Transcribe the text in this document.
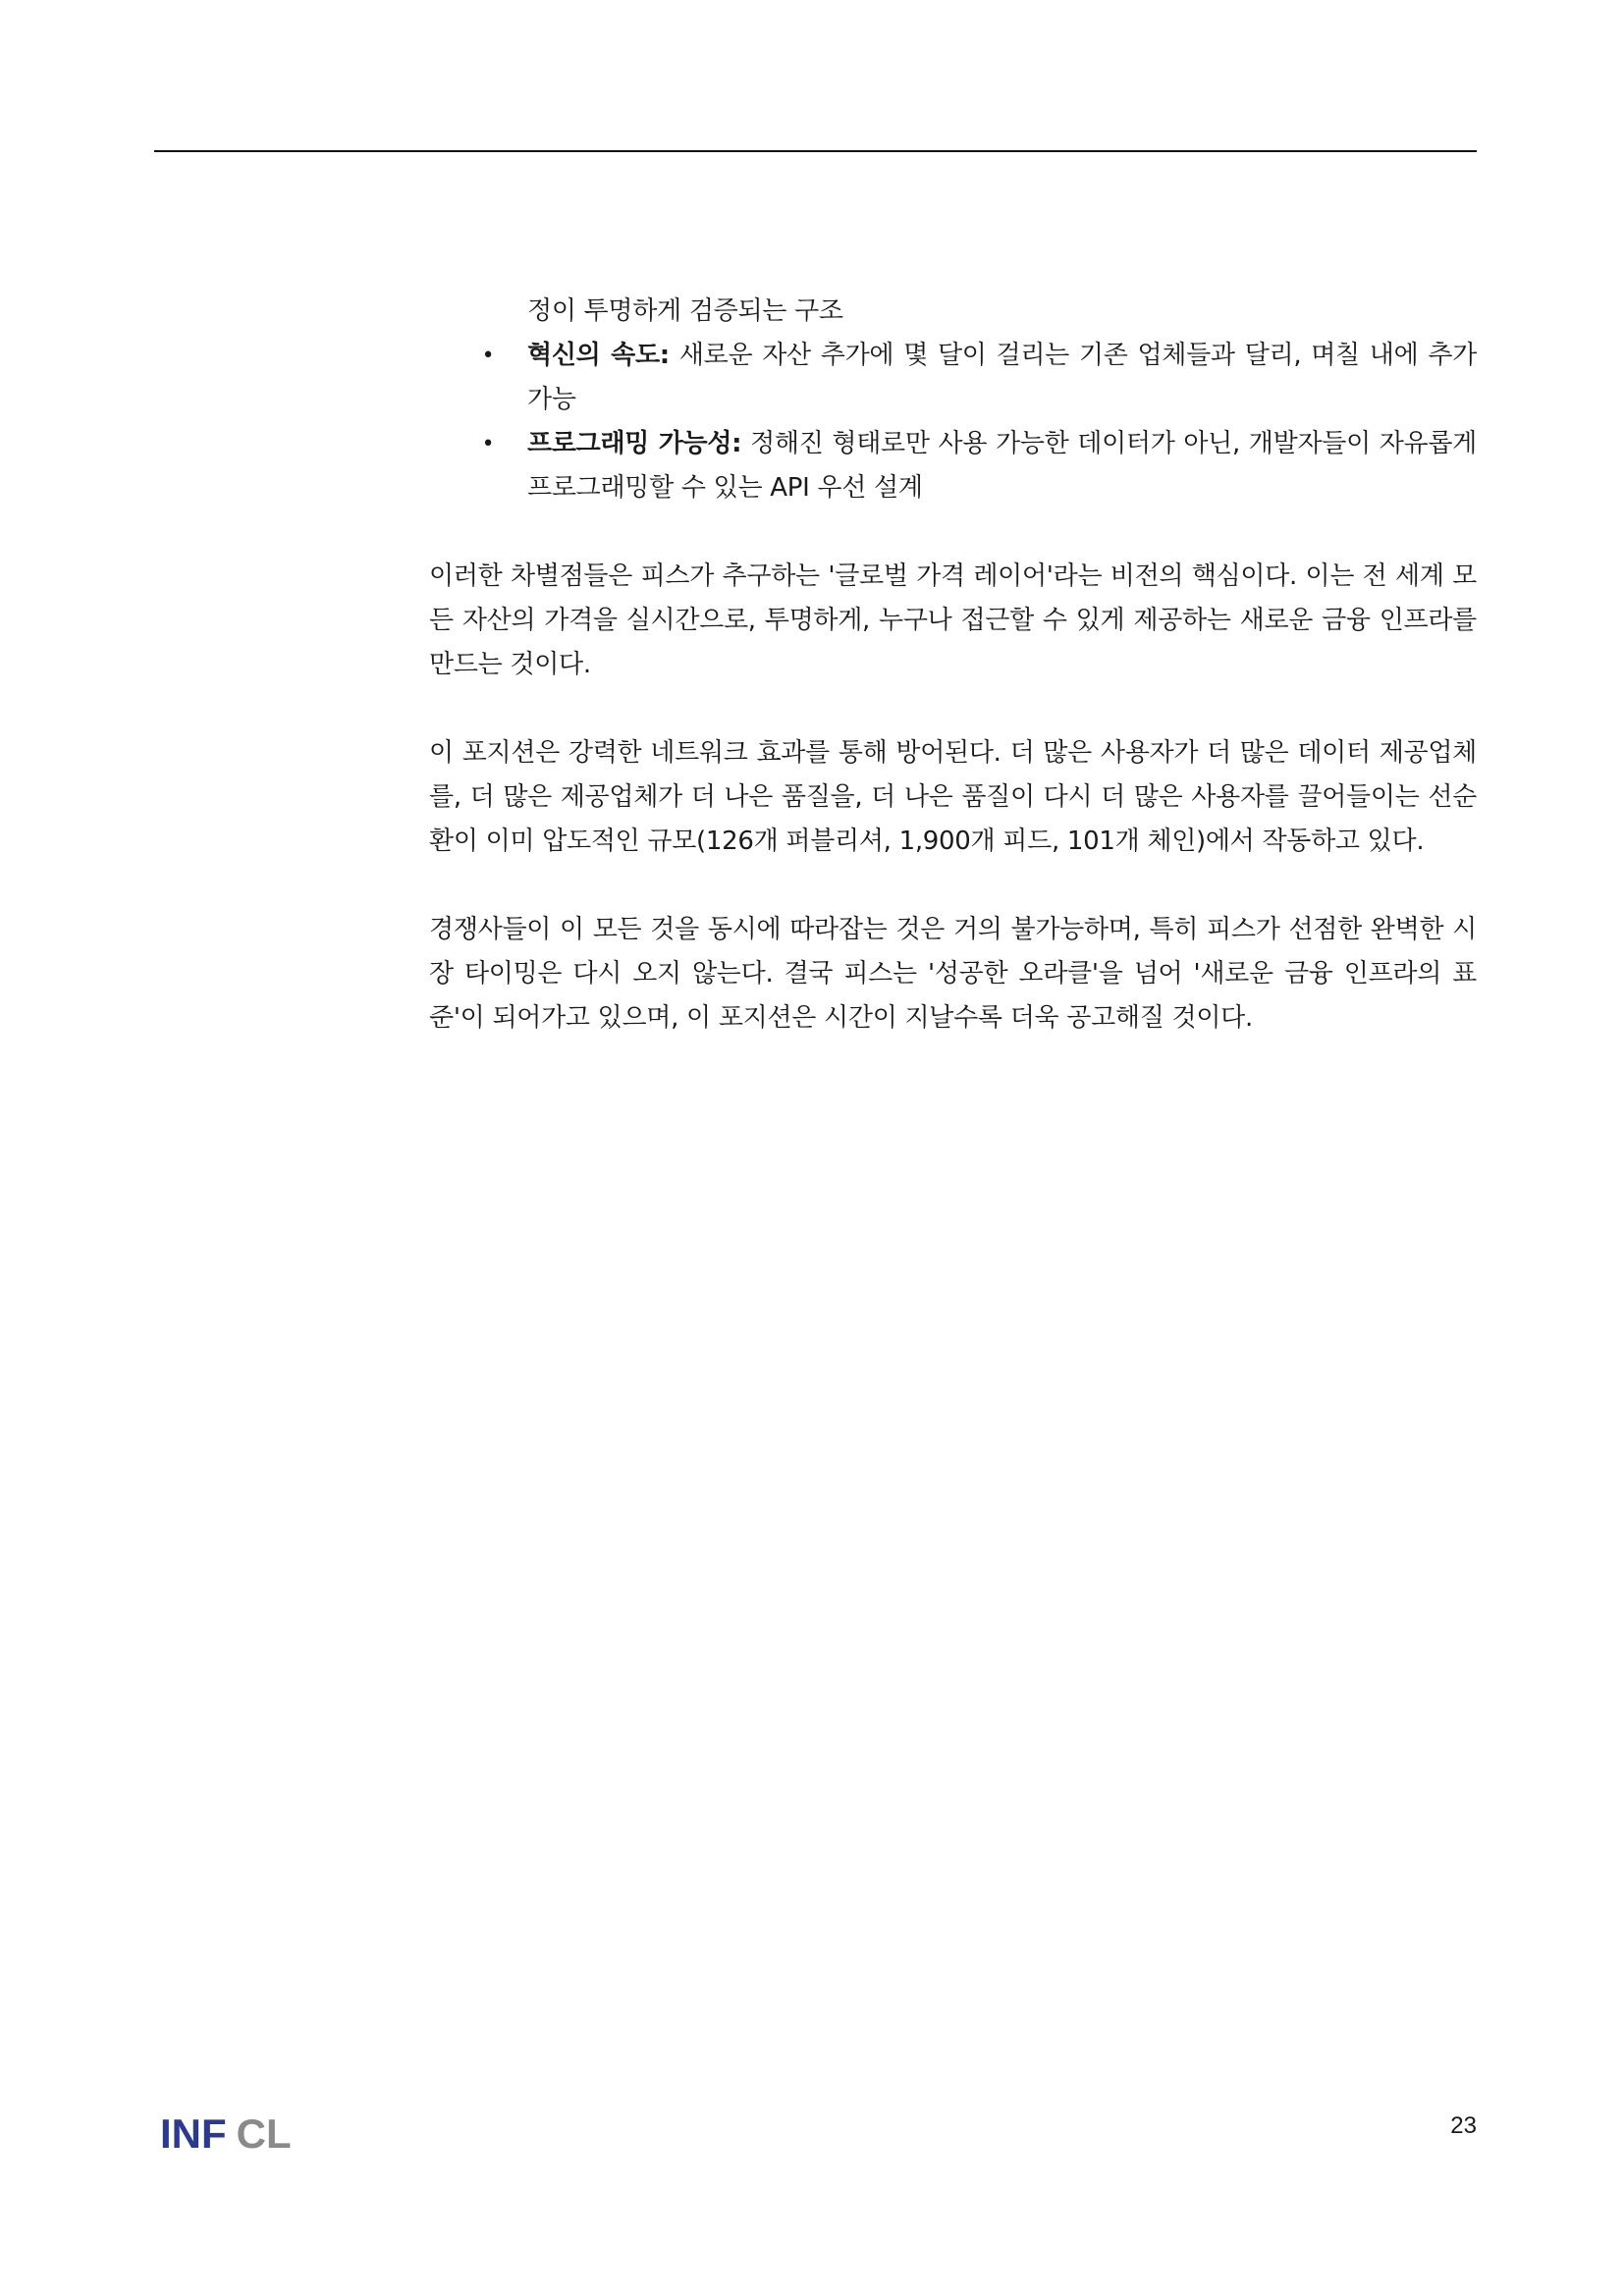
정이 투명하게 검증되는 구조
• 혁신의 속도: 새로운 자산 추가에 몇 달이 걸리는 기존 업체들과 달리, 며칠 내에 추가 가능
• 프로그래밍 가능성: 정해진 형태로만 사용 가능한 데이터가 아닌, 개발자들이 자유롭게 프로그래밍할 수 있는 API 우선 설계

이러한 차별점들은 피스가 추구하는 '글로벌 가격 레이어'라는 비전의 핵심이다. 이는 전 세계 모든 자산의 가격을 실시간으로, 투명하게, 누구나 접근할 수 있게 제공하는 새로운 금융 인프라를 만드는 것이다.

이 포지션은 강력한 네트워크 효과를 통해 방어된다. 더 많은 사용자가 더 많은 데이터 제공업체를, 더 많은 제공업체가 더 나은 품질을, 더 나은 품질이 다시 더 많은 사용자를 끌어들이는 선순환이 이미 압도적인 규모(126개 퍼블리셔, 1,900개 피드, 101개 체인)에서 작동하고 있다.

경쟁사들이 이 모든 것을 동시에 따라잡는 것은 거의 불가능하며, 특히 피스가 선점한 완벽한 시장 타이밍은 다시 오지 않는다. 결국 피스는 '성공한 오라클'을 넘어 '새로운 금융 인프라의 표준'이 되어가고 있으며, 이 포지션은 시간이 지날수록 더욱 공고해질 것이다.

INF CL	23
